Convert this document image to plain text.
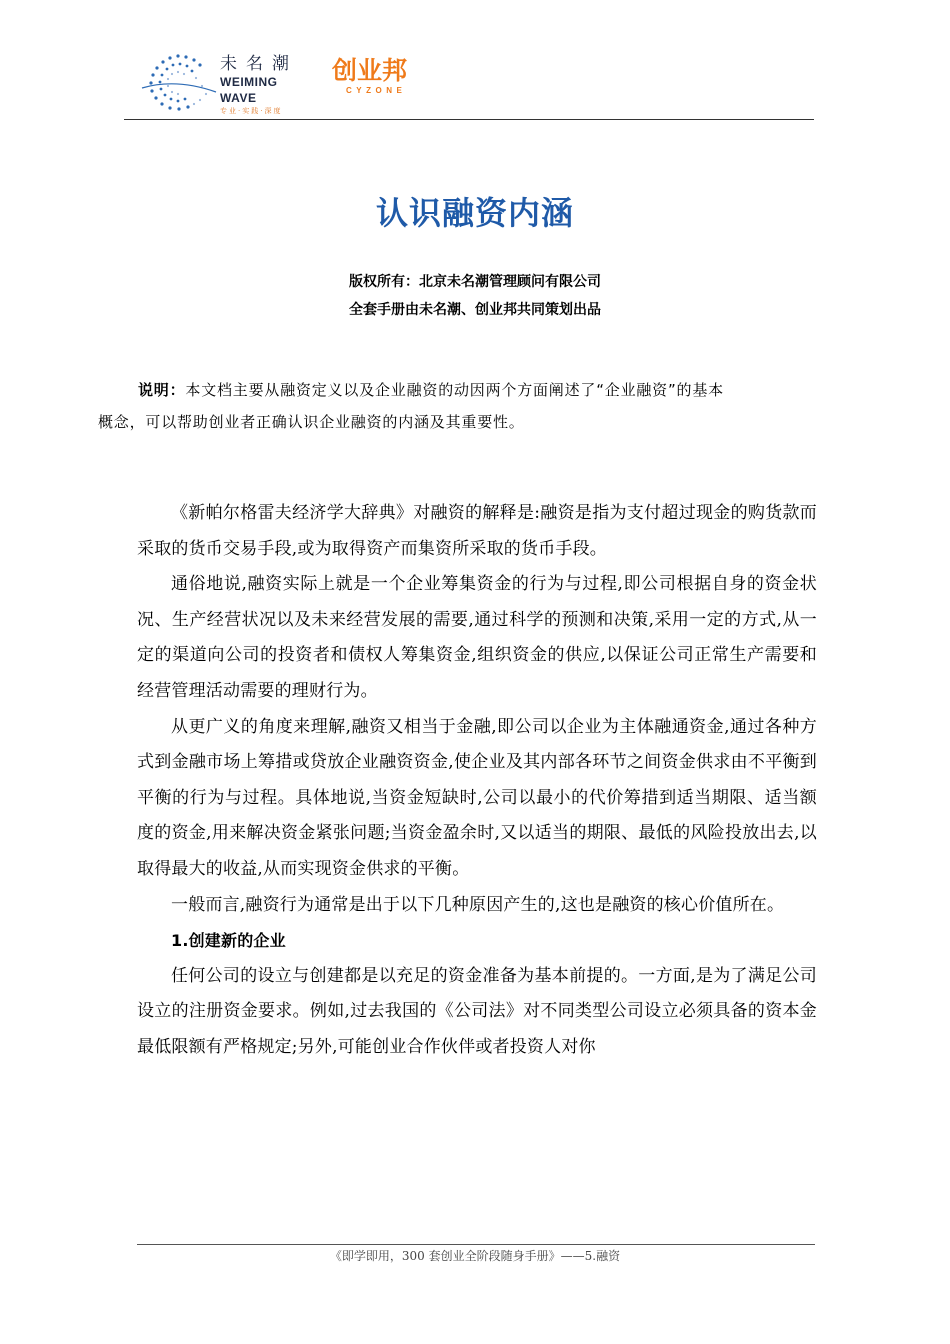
未名潮
WEIMING WAVE
专业·实践·深度
创业邦
CYZONE
认识融资内涵
版权所有：北京未名潮管理顾问有限公司
全套手册由未名潮、创业邦共同策划出品
说明：本文档主要从融资定义以及企业融资的动因两个方面阐述了“企业融资”的基本
概念，可以帮助创业者正确认识企业融资的内涵及其重要性。

《新帕尔格雷夫经济学大辞典》对融资的解释是:融资是指为支付超过现金的购货款而采取的货币交易手段,或为取得资产而集资所采取的货币手段。

通俗地说,融资实际上就是一个企业筹集资金的行为与过程,即公司根据自身的资金状况、生产经营状况以及未来经营发展的需要,通过科学的预测和决策,采用一定的方式,从一定的渠道向公司的投资者和债权人筹集资金,组织资金的供应,以保证公司正常生产需要和经营管理活动需要的理财行为。

从更广义的角度来理解,融资又相当于金融,即公司以企业为主体融通资金,通过各种方式到金融市场上筹措或贷放企业融资资金,使企业及其内部各环节之间资金供求由不平衡到平衡的行为与过程。具体地说,当资金短缺时,公司以最小的代价筹措到适当期限、适当额度的资金,用来解决资金紧张问题;当资金盈余时,又以适当的期限、最低的风险投放出去,以取得最大的收益,从而实现资金供求的平衡。

一般而言,融资行为通常是出于以下几种原因产生的,这也是融资的核心价值所在。

1.创建新的企业

任何公司的设立与创建都是以充足的资金准备为基本前提的。一方面,是为了满足公司设立的注册资金要求。例如,过去我国的《公司法》对不同类型公司设立必须具备的资本金最低限额有严格规定;另外,可能创业合作伙伴或者投资人对你

《即学即用，300 套创业全阶段随身手册》——5.融资
